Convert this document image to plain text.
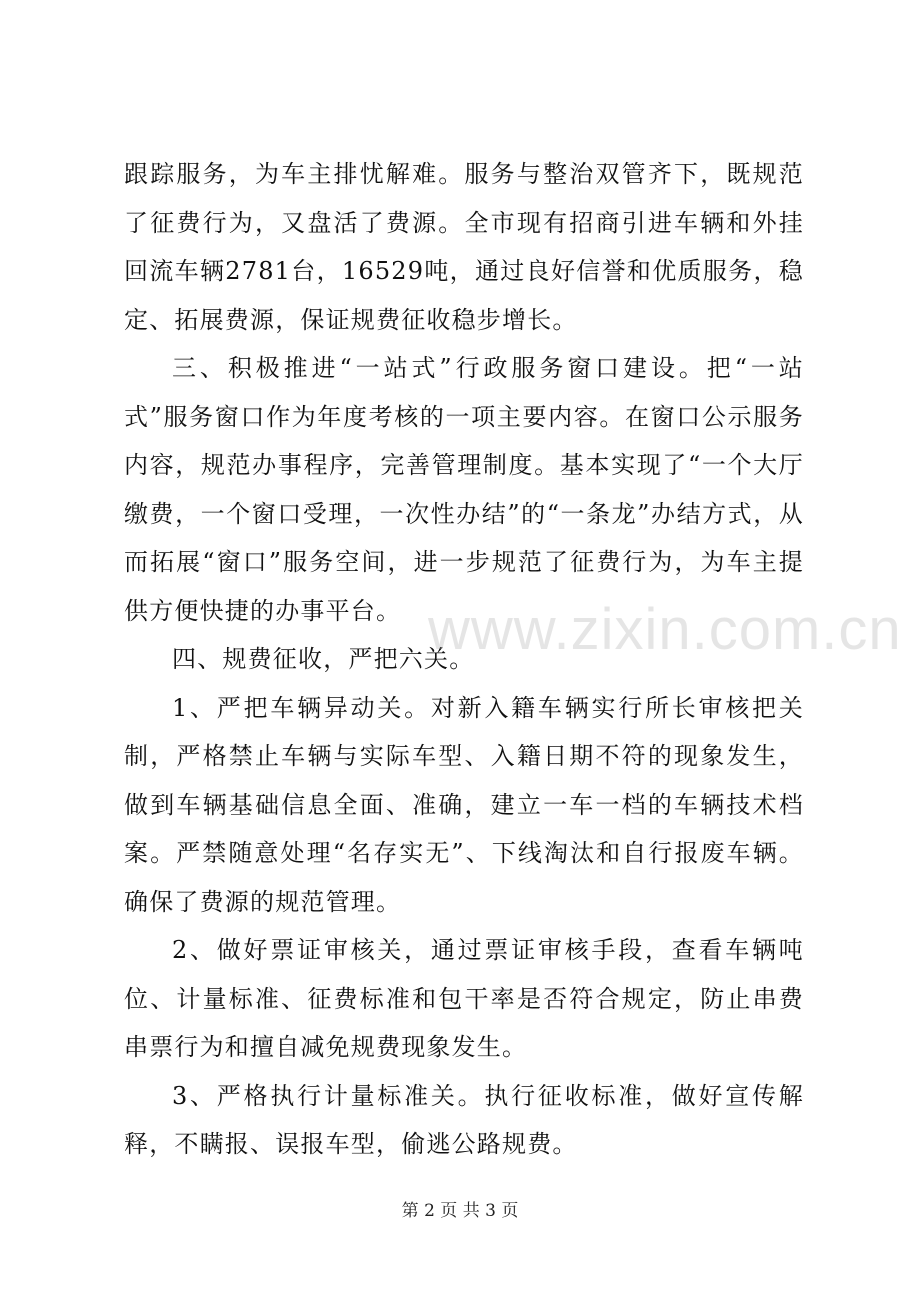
跟踪服务，为车主排忧解难。服务与整治双管齐下，既规范了征费行为，又盘活了费源。全市现有招商引进车辆和外挂回流车辆2781台，16529吨，通过良好信誉和优质服务，稳定、拓展费源，保证规费征收稳步增长。

三、积极推进“一站式”行政服务窗口建设。把“一站式”服务窗口作为年度考核的一项主要内容。在窗口公示服务内容，规范办事程序，完善管理制度。基本实现了“一个大厅缴费，一个窗口受理，一次性办结”的“一条龙”办结方式，从而拓展“窗口”服务空间，进一步规范了征费行为，为车主提供方便快捷的办事平台。

四、规费征收，严把六关。

1、严把车辆异动关。对新入籍车辆实行所长审核把关制，严格禁止车辆与实际车型、入籍日期不符的现象发生，做到车辆基础信息全面、准确，建立一车一档的车辆技术档案。严禁随意处理“名存实无”、下线淘汰和自行报废车辆。确保了费源的规范管理。

2、做好票证审核关，通过票证审核手段，查看车辆吨位、计量标准、征费标准和包干率是否符合规定，防止串费串票行为和擅自减免规费现象发生。

3、严格执行计量标准关。执行征收标准，做好宣传解释，不瞒报、误报车型，偷逃公路规费。

www.zixin.com.cn
第 2 页 共 3 页
